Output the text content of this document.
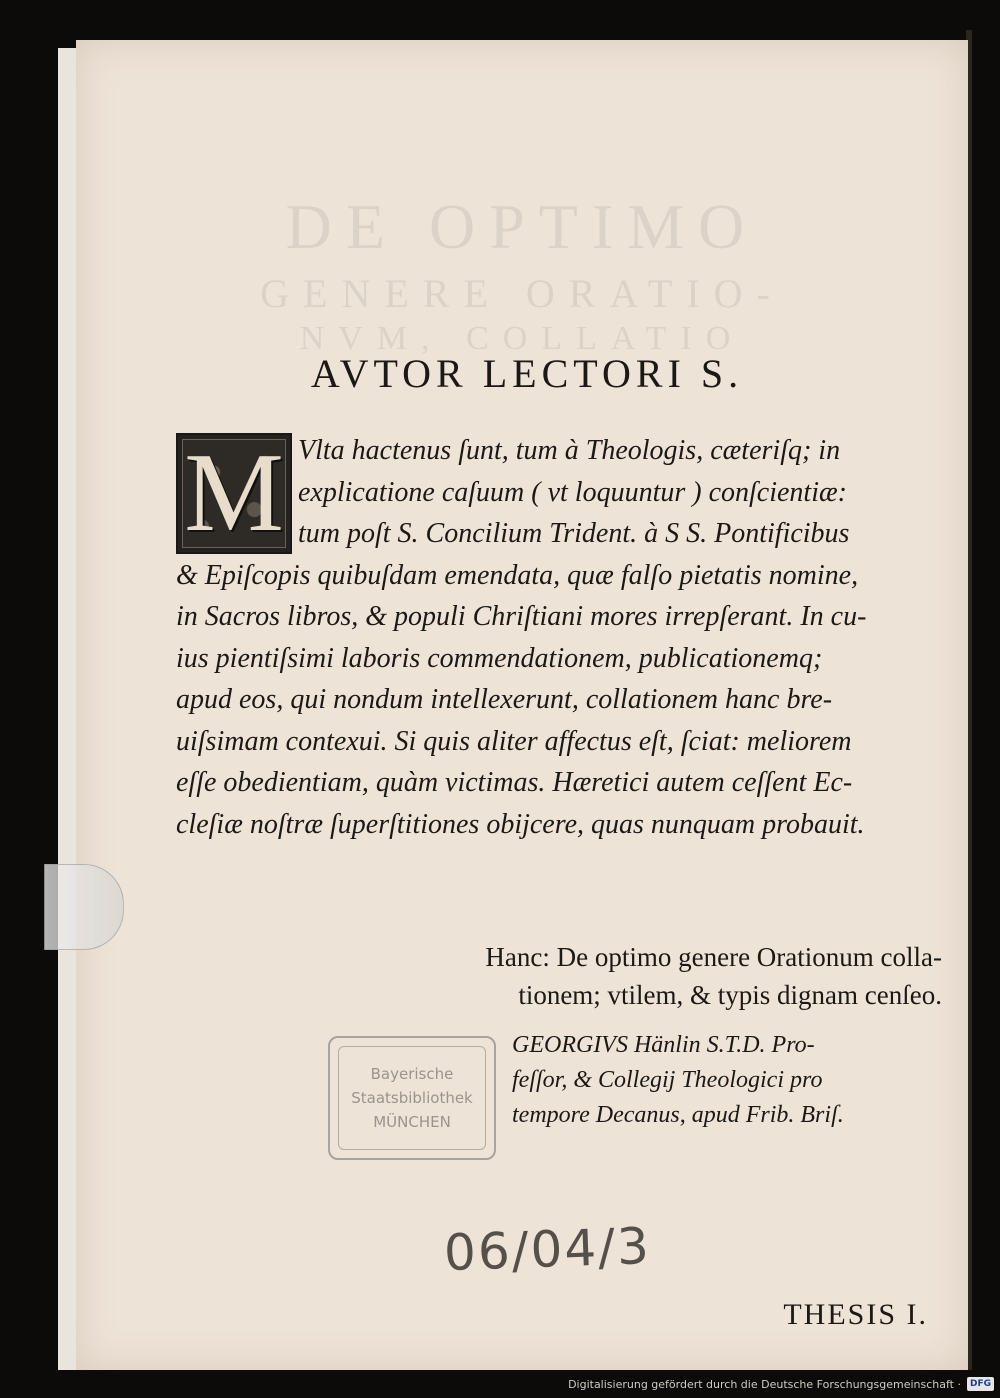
DE OPTIMO
GENERE ORATIO-
NVM, COLLATIO
AVTOR LECTORI S.
M Vlta hactenus ſunt, tum à Theologis, cæteriſq; in
explicatione caſuum ( vt loquuntur ) conſcientiæ:
tum poſt S. Concilium Trident. à S S. Pontificibus
& Epiſcopis quibuſdam emendata, quæ falſo pietatis nomine,
in Sacros libros, & populi Chriſtiani mores irrepſerant. In cu-
ius pientiſsimi laboris commendationem, publicationemq;
apud eos, qui nondum intellexerunt, collationem hanc bre-
uiſsimam contexui. Si quis aliter affectus eſt, ſciat: meliorem
eſſe obedientiam, quàm victimas. Hæretici autem ceſſent Ec-
cleſiæ noſtræ ſuperſtitiones obijcere, quas nunquam probauit.

Hanc: De optimo genere Orationum colla-
tionem; vtilem, & typis dignam cenſeo.
Bayerische
Staatsbibliothek
MÜNCHEN
GEORGIVS Hänlin S.T.D. Pro-
feſſor, & Collegij Theologici pro
tempore Decanus, apud Frib. Briſ.
06/04/3
THESIS I.
Digitalisierung gefördert durch die Deutsche Forschungsgemeinschaft ·	DFG
